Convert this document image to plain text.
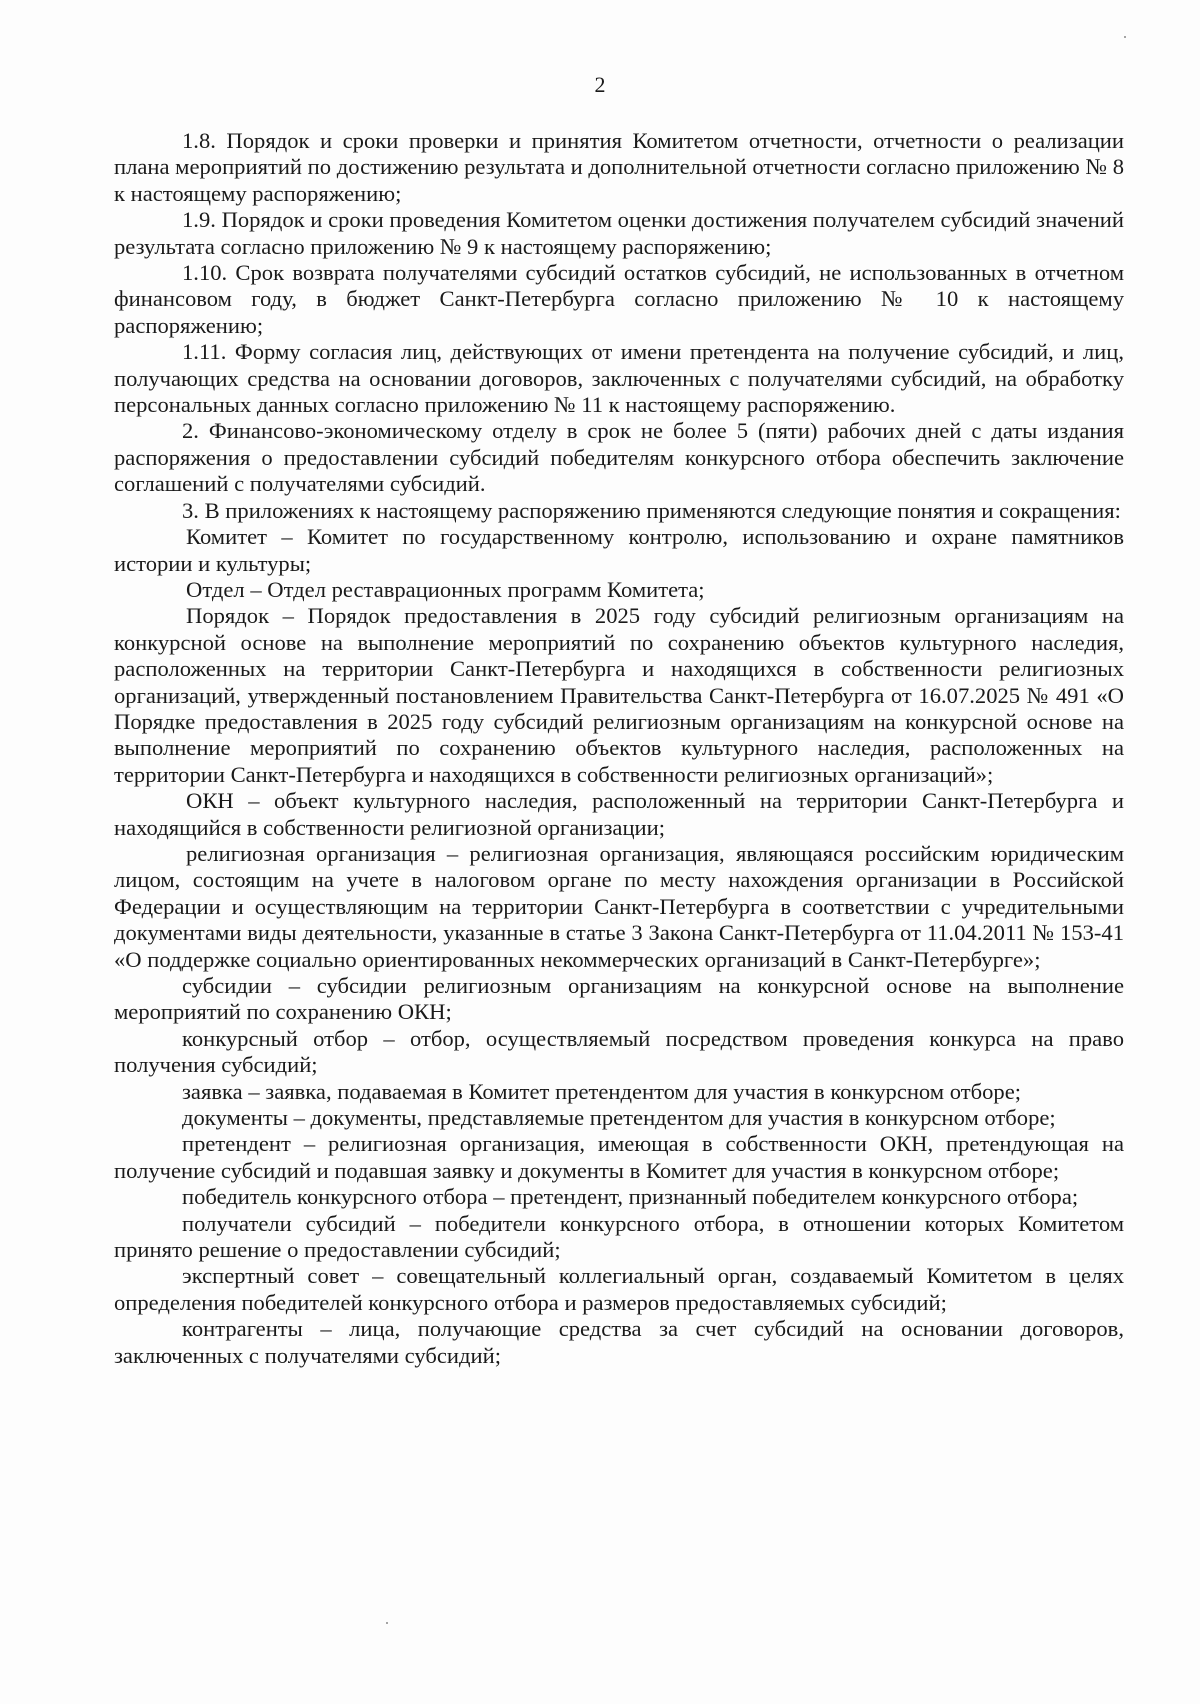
2

1.8. Порядок и сроки проверки и принятия Комитетом отчетности, отчетности о реализации плана мероприятий по достижению результата и дополнительной отчетности согласно приложению № 8 к настоящему распоряжению;

1.9. Порядок и сроки проведения Комитетом оценки достижения получателем субсидий значений результата согласно приложению № 9 к настоящему распоряжению;

1.10. Срок возврата получателями субсидий остатков субсидий, не использованных в отчетном финансовом году, в бюджет Санкт-Петербурга согласно приложению № 10 к настоящему распоряжению;

1.11. Форму согласия лиц, действующих от имени претендента на получение субсидий, и лиц, получающих средства на основании договоров, заключенных с получателями субсидий, на обработку персональных данных согласно приложению № 11 к настоящему распоряжению.

2. Финансово-экономическому отделу в срок не более 5 (пяти) рабочих дней с даты издания распоряжения о предоставлении субсидий победителям конкурсного отбора обеспечить заключение соглашений с получателями субсидий.

3. В приложениях к настоящему распоряжению применяются следующие понятия и сокращения:

Комитет – Комитет по государственному контролю, использованию и охране памятников истории и культуры;

Отдел – Отдел реставрационных программ Комитета;

Порядок – Порядок предоставления в 2025 году субсидий религиозным организациям на конкурсной основе на выполнение мероприятий по сохранению объектов культурного наследия, расположенных на территории Санкт-Петербурга и находящихся в собственности религиозных организаций, утвержденный постановлением Правительства Санкт-Петербурга от 16.07.2025 № 491 «О Порядке предоставления в 2025 году субсидий религиозным организациям на конкурсной основе на выполнение мероприятий по сохранению объектов культурного наследия, расположенных на территории Санкт-Петербурга и находящихся в собственности религиозных организаций»;

ОКН – объект культурного наследия, расположенный на территории Санкт-Петербурга и находящийся в собственности религиозной организации;

религиозная организация – религиозная организация, являющаяся российским юридическим лицом, состоящим на учете в налоговом органе по месту нахождения организации в Российской Федерации и осуществляющим на территории Санкт-Петербурга в соответствии с учредительными документами виды деятельности, указанные в статье 3 Закона Санкт-Петербурга от 11.04.2011 № 153-41 «О поддержке социально ориентированных некоммерческих организаций в Санкт-Петербурге»;

субсидии – субсидии религиозным организациям на конкурсной основе на выполнение мероприятий по сохранению ОКН;

конкурсный отбор – отбор, осуществляемый посредством проведения конкурса на право получения субсидий;

заявка – заявка, подаваемая в Комитет претендентом для участия в конкурсном отборе;

документы – документы, представляемые претендентом для участия в конкурсном отборе;

претендент – религиозная организация, имеющая в собственности ОКН, претендующая на получение субсидий и подавшая заявку и документы в Комитет для участия в конкурсном отборе;

победитель конкурсного отбора – претендент, признанный победителем конкурсного отбора;

получатели субсидий – победители конкурсного отбора, в отношении которых Комитетом принято решение о предоставлении субсидий;

экспертный совет – совещательный коллегиальный орган, создаваемый Комитетом в целях определения победителей конкурсного отбора и размеров предоставляемых субсидий;

контрагенты – лица, получающие средства за счет субсидий на основании договоров, заключенных с получателями субсидий;
